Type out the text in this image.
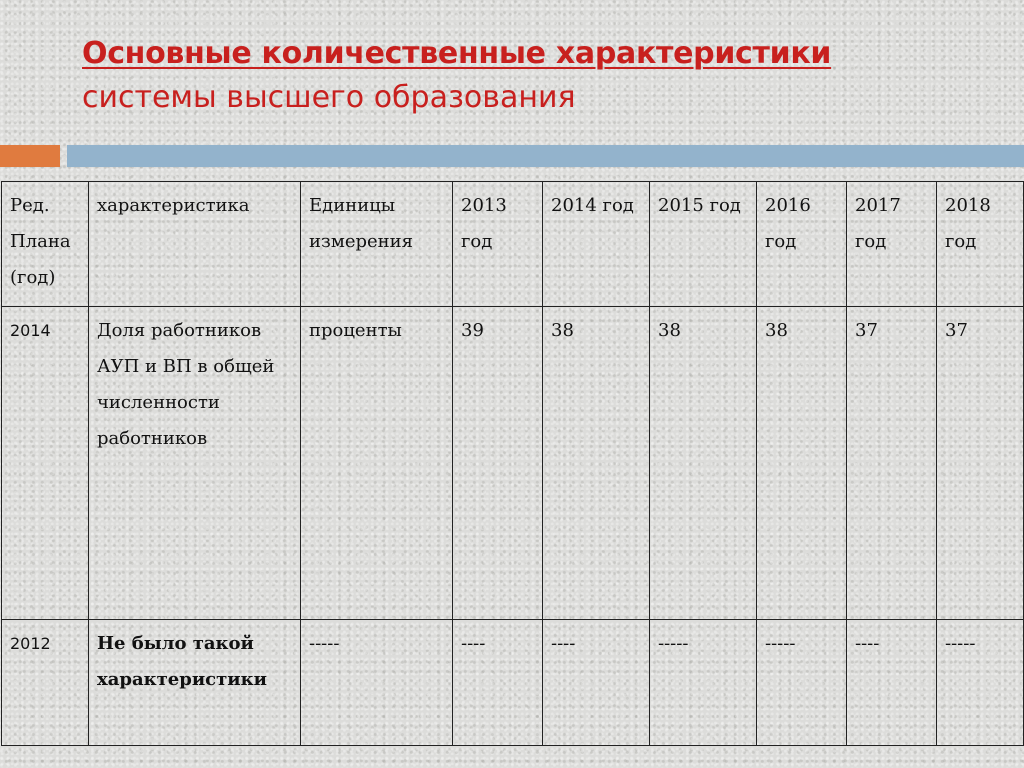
Основные количественные характеристики
системы высшего образования
Ред. Плана (год)	характеристика	Единицы измерения	2013 год	2014 год	2015 год	2016 год	2017 год	2018 год
2014	Доля работников АУП и ВП в общей численности работников	проценты	39	38	38	38	37	37
2012	Не было такой характеристики	-----	----	----	-----	-----	----	-----
